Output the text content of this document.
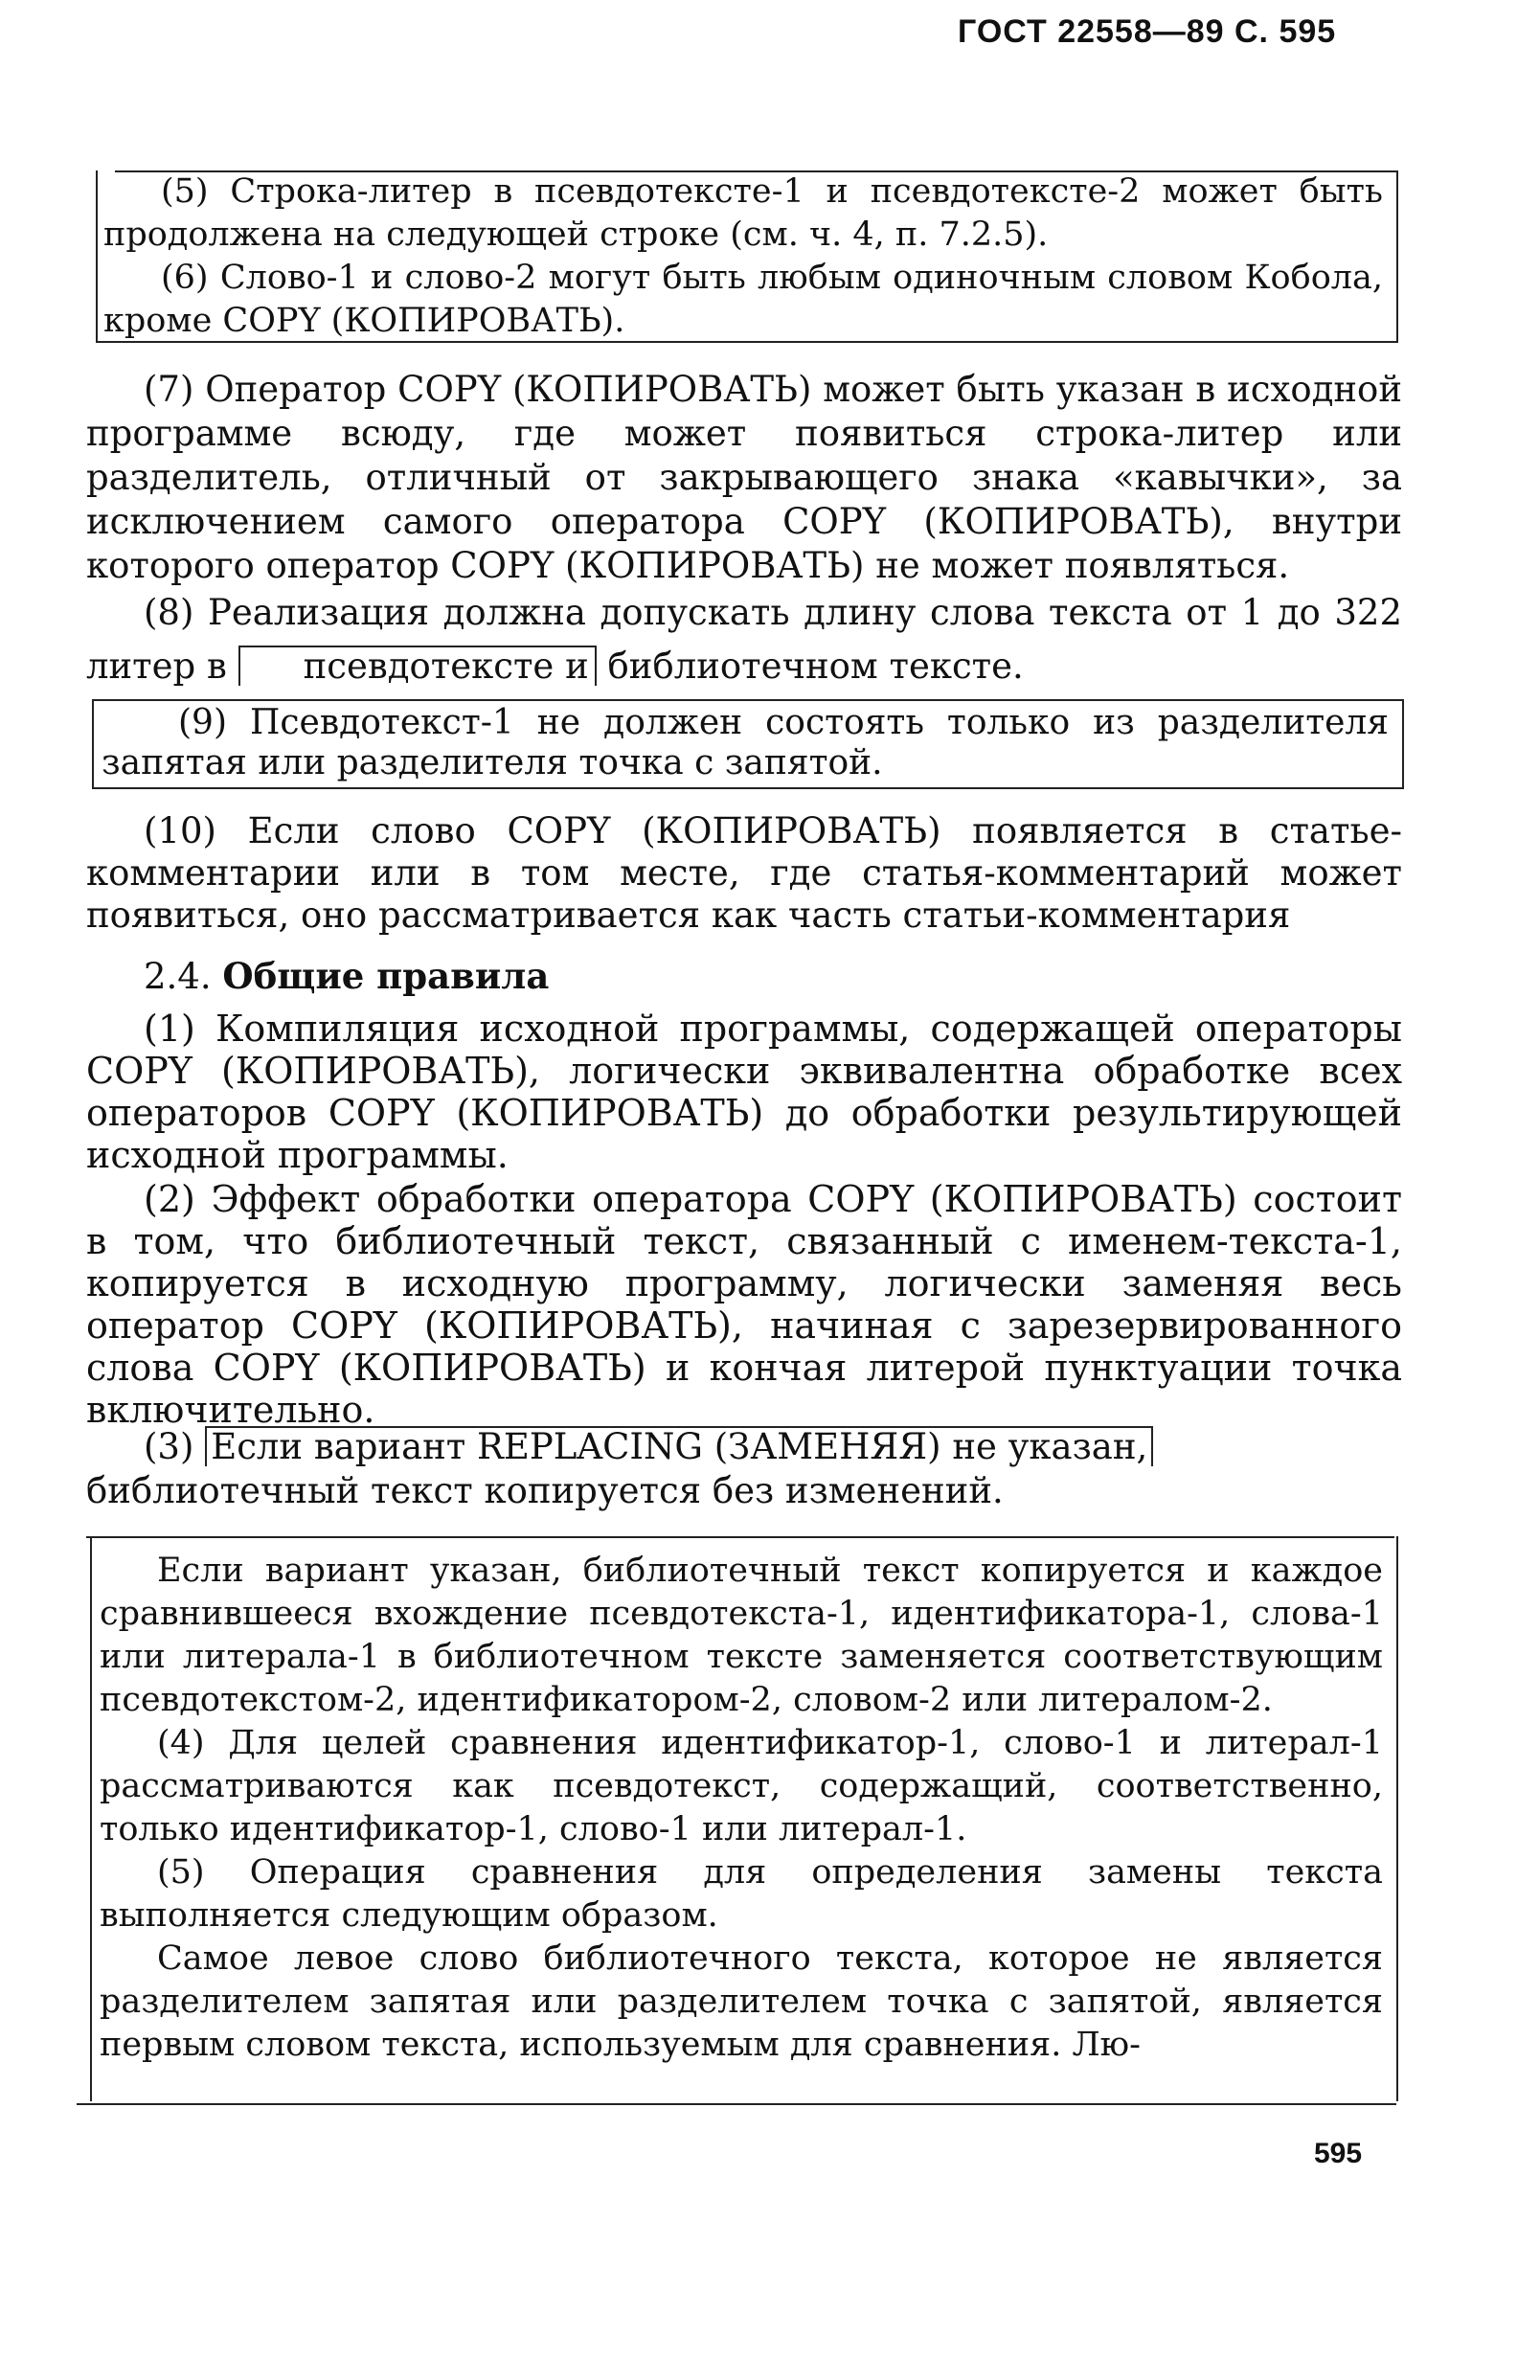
ГОСТ 22558—89 С. 595

(5) Строка-литер в псевдотексте-1 и псевдотексте-2 может быть продолжена на следующей строке (см. ч. 4, п. 7.2.5).

(6) Слово-1 и слово-2 могут быть любым одиночным словом Кобола, кроме COPY (КОПИРОВАТЬ).

(7) Оператор COPY (КОПИРОВАТЬ) может быть указан в исходной программе всюду, где может появиться строка-литер или разделитель, отличный от закрывающего знака «кавычки», за исключением самого оператора COPY (КОПИРОВАТЬ), внутри которого оператор COPY (КОПИРОВАТЬ) не может появляться.

(8) Реализация должна допускать длину слова текста от 1 до 322 литер в псевдотексте и библиотечном тексте.

(9) Псевдотекст-1 не должен состоять только из разделителя запятая или разделителя точка с запятой.

(10) Если слово COPY (КОПИРОВАТЬ) появляется в статье-комментарии или в том месте, где статья-комментарий может появиться, оно рассматривается как часть статьи-комментария

2.4. Общие правила

(1) Компиляция исходной программы, содержащей операторы COPY (КОПИРОВАТЬ), логически эквивалентна обработке всех операторов COPY (КОПИРОВАТЬ) до обработки результирующей исходной программы.

(2) Эффект обработки оператора COPY (КОПИРОВАТЬ) состоит в том, что библиотечный текст, связанный с именем-текста-1, копируется в исходную программу, логически заменяя весь оператор COPY (КОПИРОВАТЬ), начиная с зарезервированного слова COPY (КОПИРОВАТЬ) и кончая литерой пунктуации точка включительно.

(3) Если вариант REPLACING (ЗАМЕНЯЯ) не указан,

библиотечный текст копируется без изменений.

Если вариант указан, библиотечный текст копируется и каждое сравнившееся вхождение псевдотекста-1, идентификатора-1, слова-1 или литерала-1 в библиотечном тексте заменяется соответствующим псевдотекстом-2, идентификатором-2, словом-2 или литералом-2.

(4) Для целей сравнения идентификатор-1, слово-1 и литерал-1 рассматриваются как псевдотекст, содержащий, соответственно, только идентификатор-1, слово-1 или литерал-1.

(5) Операция сравнения для определения замены текста выполняется следующим образом.

Самое левое слово библиотечного текста, которое не является разделителем запятая или разделителем точка с запятой, является первым словом текста, используемым для сравнения. Лю-

595
